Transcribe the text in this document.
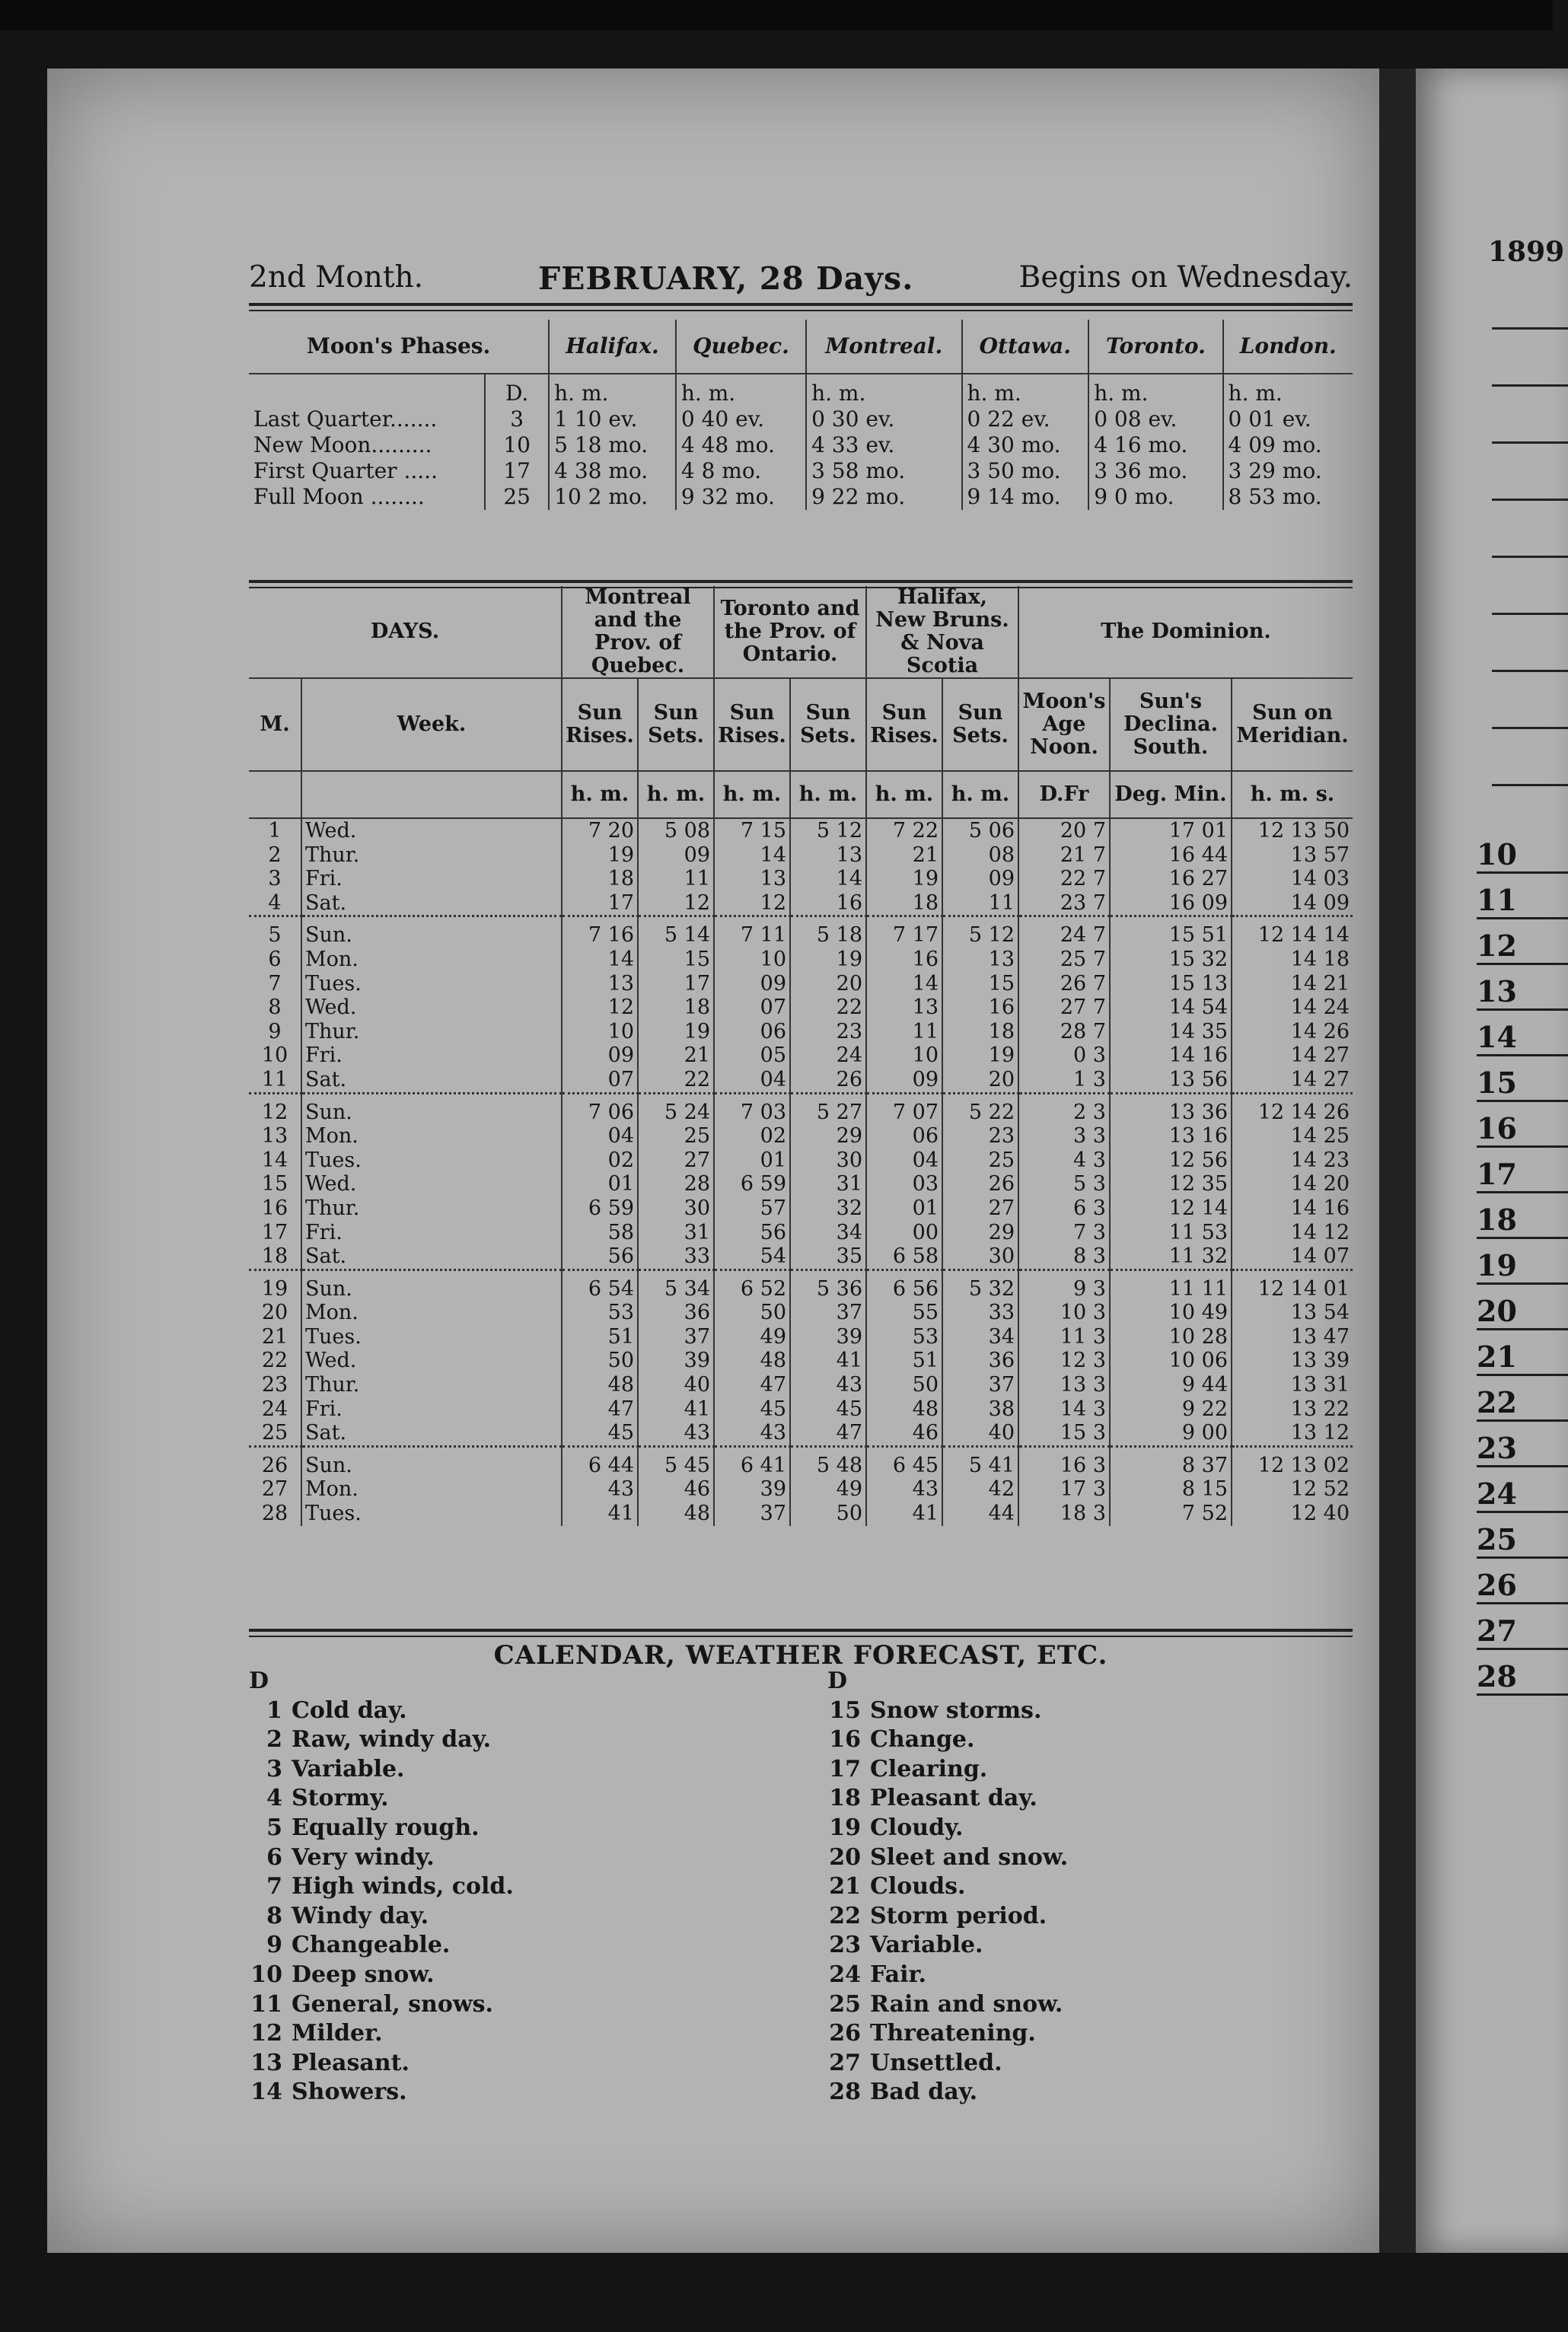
2nd Month.	FEBRUARY, 28 Days.	Begins on Wednesday.
Moon's Phases.		Halifax.	Quebec.	Montreal.	Ottawa.	Toronto.	London.
	D.	h. m.	h. m.	h. m.	h. m.	h. m.	h. m.
Last Quarter.......	3	1 10 ev.	0 40 ev.	0 30 ev.	0 22 ev.	0 08 ev.	0 01 ev.
New Moon.........	10	5 18 mo.	4 48 mo.	4 33 ev.	4 30 mo.	4 16 mo.	4 09 mo.
First Quarter .....	17	4 38 mo.	4 8 mo.	3 58 mo.	3 50 mo.	3 36 mo.	3 29 mo.
Full Moon ........	25	10 2 mo.	9 32 mo.	9 22 mo.	9 14 mo.	9 0 mo.	8 53 mo.
DAYS.		Montreal and the Prov. of Quebec.		Toronto and the Prov. of Ontario.		Halifax, New Bruns. & Nova Scotia		The Dominion.		
M.	Week.	Sun Rises.	Sun Sets.	Sun Rises.	Sun Sets.	Sun Rises.	Sun Sets.	Moon's Age Noon.	Sun's Declina. South.	Sun on Meridian.
		h. m.	h. m.	h. m.	h. m.	h. m.	h. m.	D.Fr	Deg. Min.	h. m. s.
1	Wed.	7 20	5 08	7 15	5 12	7 22	5 06	20 7	17 01	12 13 50
2	Thur.	19	09	14	13	21	08	21 7	16 44	13 57
3	Fri.	18	11	13	14	19	09	22 7	16 27	14 03
4	Sat.	17	12	12	16	18	11	23 7	16 09	14 09

5	Sun.	7 16	5 14	7 11	5 18	7 17	5 12	24 7	15 51	12 14 14
6	Mon.	14	15	10	19	16	13	25 7	15 32	14 18
7	Tues.	13	17	09	20	14	15	26 7	15 13	14 21
8	Wed.	12	18	07	22	13	16	27 7	14 54	14 24
9	Thur.	10	19	06	23	11	18	28 7	14 35	14 26
10	Fri.	09	21	05	24	10	19	0 3	14 16	14 27
11	Sat.	07	22	04	26	09	20	1 3	13 56	14 27

12	Sun.	7 06	5 24	7 03	5 27	7 07	5 22	2 3	13 36	12 14 26
13	Mon.	04	25	02	29	06	23	3 3	13 16	14 25
14	Tues.	02	27	01	30	04	25	4 3	12 56	14 23
15	Wed.	01	28	6 59	31	03	26	5 3	12 35	14 20
16	Thur.	6 59	30	57	32	01	27	6 3	12 14	14 16
17	Fri.	58	31	56	34	00	29	7 3	11 53	14 12
18	Sat.	56	33	54	35	6 58	30	8 3	11 32	14 07

19	Sun.	6 54	5 34	6 52	5 36	6 56	5 32	9 3	11 11	12 14 01
20	Mon.	53	36	50	37	55	33	10 3	10 49	13 54
21	Tues.	51	37	49	39	53	34	11 3	10 28	13 47
22	Wed.	50	39	48	41	51	36	12 3	10 06	13 39
23	Thur.	48	40	47	43	50	37	13 3	9 44	13 31
24	Fri.	47	41	45	45	48	38	14 3	9 22	13 22
25	Sat.	45	43	43	47	46	40	15 3	9 00	13 12

26	Sun.	6 44	5 45	6 41	5 48	6 45	5 41	16 3	8 37	12 13 02
27	Mon.	43	46	39	49	43	42	17 3	8 15	12 52
28	Tues.	41	48	37	50	41	44	18 3	7 52	12 40
CALENDAR, WEATHER FORECAST, ETC.
D
1 Cold day.
2 Raw, windy day.
3 Variable.
4 Stormy.
5 Equally rough.
6 Very windy.
7 High winds, cold.
8 Windy day.
9 Changeable.
10 Deep snow.
11 General, snows.
12 Milder.
13 Pleasant.
14 Showers.
D
15 Snow storms.
16 Change.
17 Clearing.
18 Pleasant day.
19 Cloudy.
20 Sleet and snow.
21 Clouds.
22 Storm period.
23 Variable.
24 Fair.
25 Rain and snow.
26 Threatening.
27 Unsettled.
28 Bad day.
1899
10
11
12
13
14
15
16
17
18
19
20
21
22
23
24
25
26
27
28
